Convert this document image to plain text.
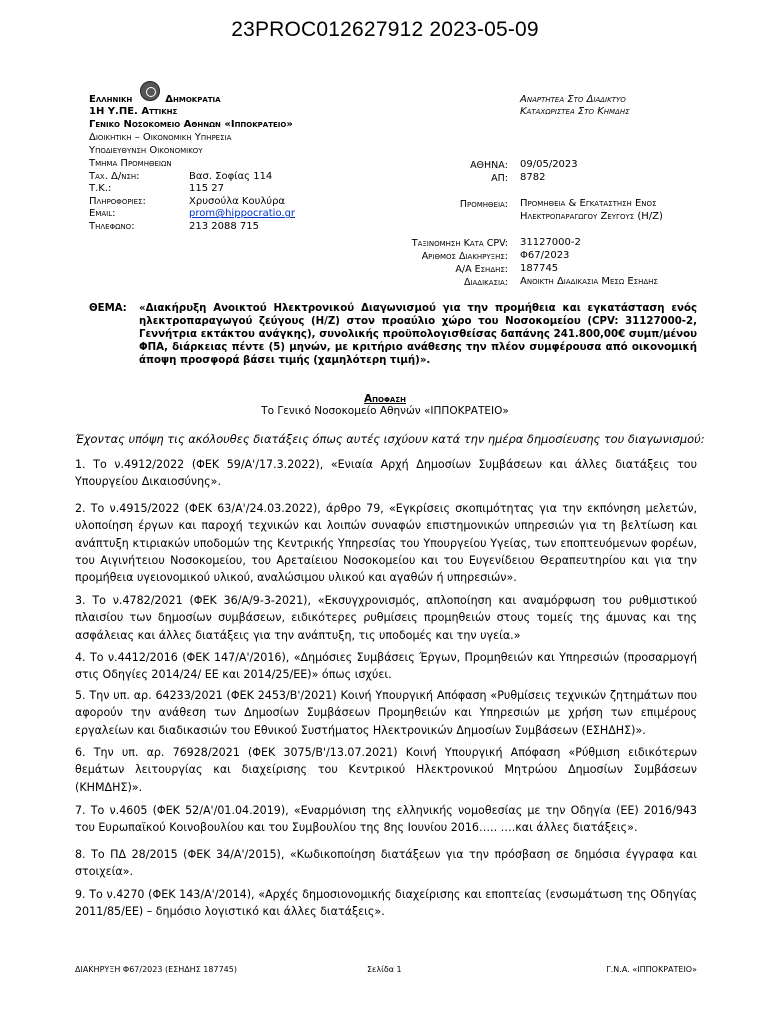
23PROC012627912 2023-05-09
Ελληνικη	Δημοκρατια
1Η Υ.ΠΕ. Αττικης
Γενικο Νοσοκομειο Αθηνων «Ιπποκρατειο»
Διοικητικη – Οικονομικη Υπηρεσια
Υποδιευθυνση Οικονομικου
Τμημα Προμηθειων
Ταχ. Δ/νση:	Βασ. Σοφίας 114
Τ.Κ.:	115 27
Πληροφοριες:	Χρυσούλα Κουλύρα
Email:	prom@hippocratio.gr
Τηλεφωνο:	213 2088 715
Αναρτητεα Στο Διαδικτυο
Καταχωριστεα Στο Κημδης
ΑΘΗΝΑ: 09/05/2023
ΑΠ: 8782
Προμηθεια: Προμηθεια & Εγκαταστηση Ενος
Ηλεκτροπαραγωγου Ζευγους (Η/Ζ)
Ταξινομηση Κατα CPV: 31127000-2
Αριθμος Διακηρυξης: Φ67/2023
Α/Α Εσηδης: 187745
Διαδικασια: Ανοικτη Διαδικασια Μεσω Εσηδης
ΘΕΜΑ: «Διακήρυξη Ανοικτού Ηλεκτρονικού Διαγωνισμού για την προμήθεια και εγκατάσταση ενός ηλεκτροπαραγωγού ζεύγους (Η/Ζ) στον προαύλιο χώρο του Νοσοκομείου (CPV: 31127000-2, Γεννήτρια εκτάκτου ανάγκης), συνολικής προϋπολογισθείσας δαπάνης 241.800,00€ συμπ/μένου ΦΠΑ, διάρκειας πέντε (5) μηνών, με κριτήριο ανάθεσης την πλέον συμφέρουσα από οικονομική άποψη προσφορά βάσει τιμής (χαμηλότερη τιμή)».
Αποφαση
Το Γενικό Νοσοκομείο Αθηνών «ΙΠΠΟΚΡΑΤΕΙΟ»
Έχοντας υπόψη τις ακόλουθες διατάξεις όπως αυτές ισχύουν κατά την ημέρα δημοσίευσης του διαγωνισμού:
1. Το ν.4912/2022 (ΦΕΚ 59/Α'/17.3.2022), «Ενιαία Αρχή Δημοσίων Συμβάσεων και άλλες διατάξεις του Υπουργείου Δικαιοσύνης».
2. Το ν.4915/2022 (ΦΕΚ 63/Α'/24.03.2022), άρθρο 79, «Εγκρίσεις σκοπιμότητας για την εκπόνηση μελετών, υλοποίηση έργων και παροχή τεχνικών και λοιπών συναφών επιστημονικών υπηρεσιών για τη βελτίωση και ανάπτυξη κτιριακών υποδομών της Κεντρικής Υπηρεσίας του Υπουργείου Υγείας, των εποπτευόμενων φορέων, του Αιγινήτειου Νοσοκομείου, του Αρεταίειου Νοσοκομείου και του Ευγενίδειου Θεραπευτηρίου και για την προμήθεια υγειονομικού υλικού, αναλώσιμου υλικού και αγαθών ή υπηρεσιών».
3. Το ν.4782/2021 (ΦΕΚ 36/Α/9-3-2021), «Εκσυγχρονισμός, απλοποίηση και αναμόρφωση του ρυθμιστικού πλαισίου των δημοσίων συμβάσεων, ειδικότερες ρυθμίσεις προμηθειών στους τομείς της άμυνας και της ασφάλειας και άλλες διατάξεις για την ανάπτυξη, τις υποδομές και την υγεία.»
4. Το ν.4412/2016 (ΦΕΚ 147/Α'/2016), «Δημόσιες Συμβάσεις Έργων, Προμηθειών και Υπηρεσιών (προσαρμογή στις Οδηγίες 2014/24/ ΕΕ και 2014/25/ΕΕ)» όπως ισχύει.
5. Την υπ. αρ. 64233/2021 (ΦΕΚ 2453/Β'/2021) Κοινή Υπουργική Απόφαση «Ρυθμίσεις τεχνικών ζητημάτων που αφορούν την ανάθεση των Δημοσίων Συμβάσεων Προμηθειών και Υπηρεσιών με χρήση των επιμέρους εργαλείων και διαδικασιών του Εθνικού Συστήματος Ηλεκτρονικών Δημοσίων Συμβάσεων (ΕΣΗΔΗΣ)».
6. Την υπ. αρ. 76928/2021 (ΦΕΚ 3075/Β'/13.07.2021) Κοινή Υπουργική Απόφαση «Ρύθμιση ειδικότερων θεμάτων λειτουργίας και διαχείρισης του Κεντρικού Ηλεκτρονικού Μητρώου Δημοσίων Συμβάσεων (ΚΗΜΔΗΣ)».
7. Το ν.4605 (ΦΕΚ 52/Α'/01.04.2019), «Εναρμόνιση της ελληνικής νομοθεσίας με την Οδηγία (ΕΕ) 2016/943 του Ευρωπαϊκού Κοινοβουλίου και του Συμβουλίου της 8ης Ιουνίου 2016….. ….και άλλες διατάξεις».
8. Το ΠΔ 28/2015 (ΦΕΚ 34/Α'/2015), «Κωδικοποίηση διατάξεων για την πρόσβαση σε δημόσια έγγραφα και στοιχεία».
9. Το ν.4270 (ΦΕΚ 143/Α'/2014), «Αρχές δημοσιονομικής διαχείρισης και εποπτείας (ενσωμάτωση της Οδηγίας 2011/85/ΕΕ) – δημόσιο λογιστικό και άλλες διατάξεις».
ΔΙΑΚΗΡΥΞΗ Φ67/2023 (ΕΣΗΔΗΣ 187745)	Σελίδα 1	Γ.Ν.Α. «ΙΠΠΟΚΡΑΤΕΙΟ»
